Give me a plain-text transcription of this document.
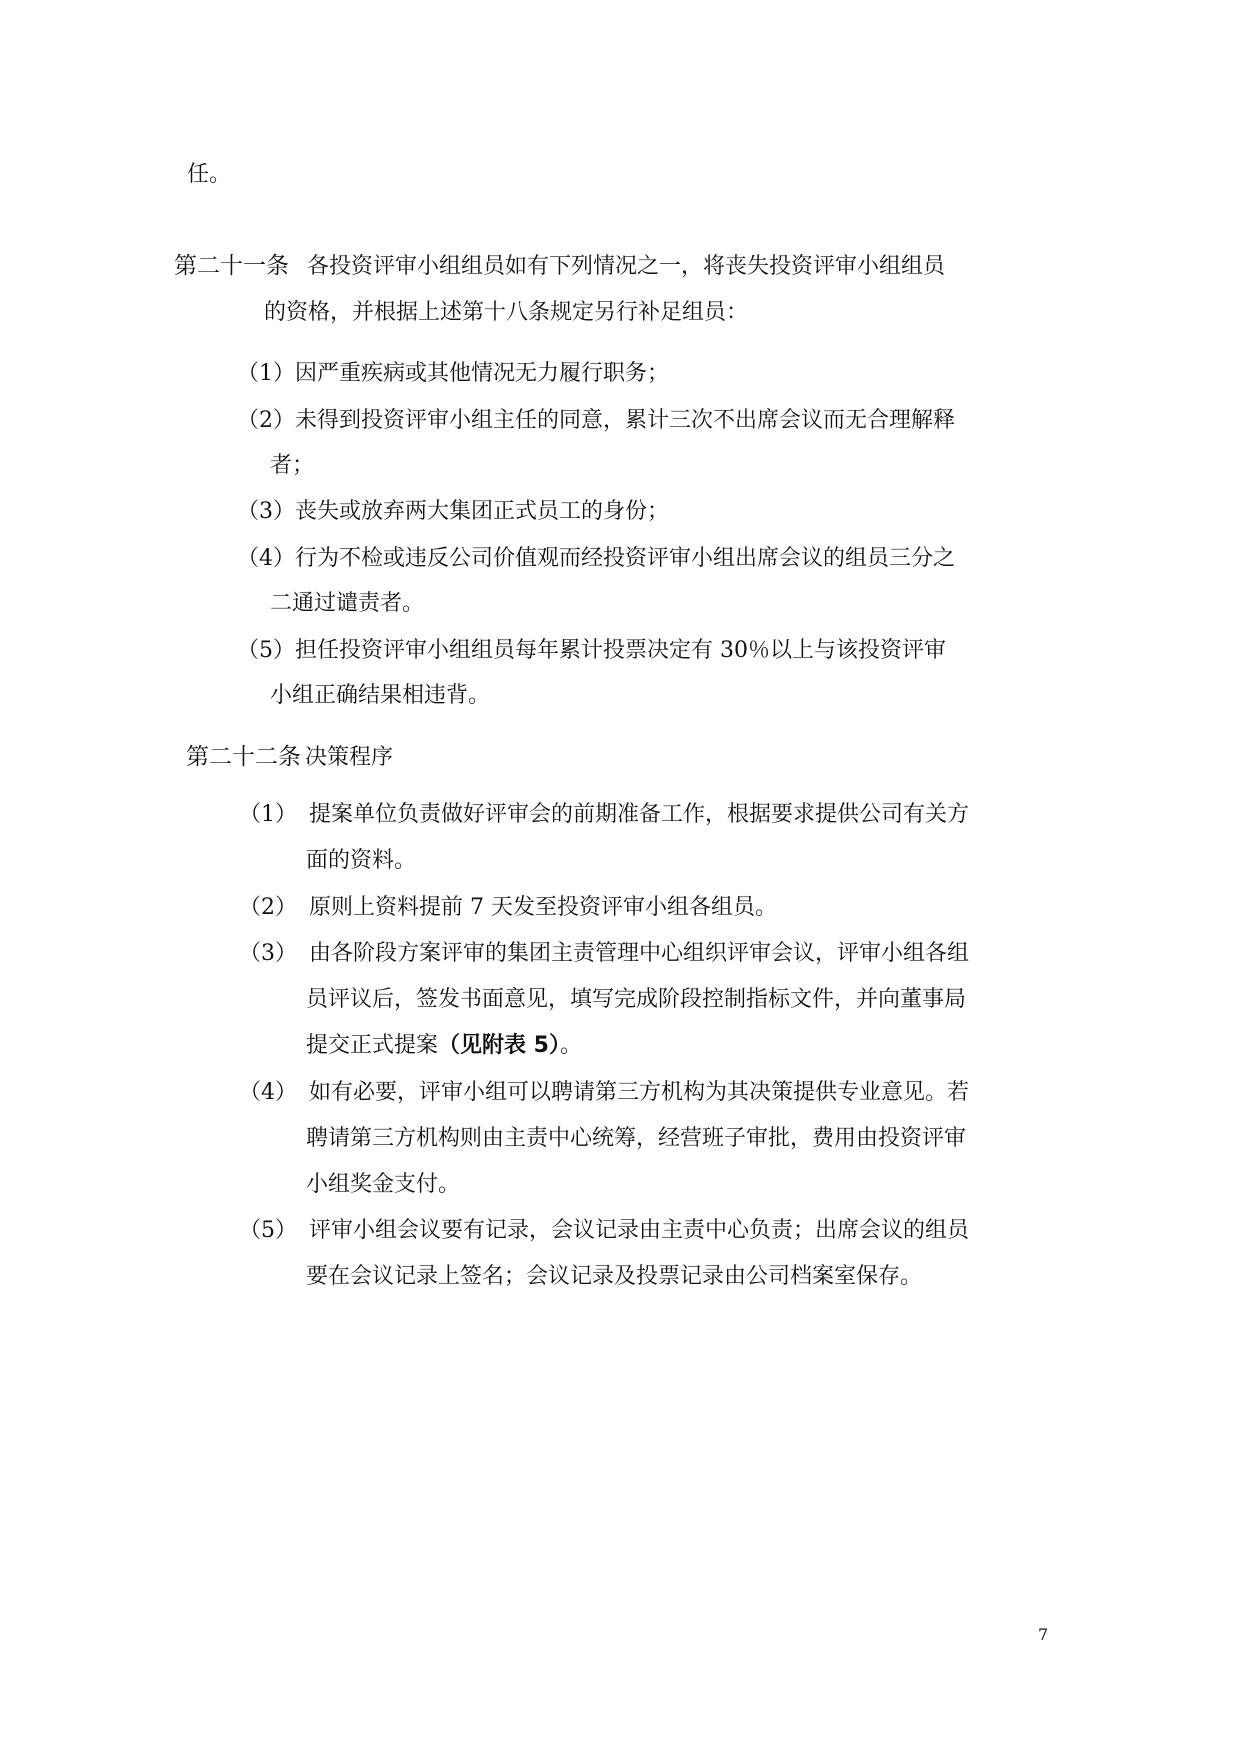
任。
第二十一条 各投资评审小组组员如有下列情况之一，将丧失投资评审小组组员
的资格，并根据上述第十八条规定另行补足组员：
（1）因严重疾病或其他情况无力履行职务；
（2）未得到投资评审小组主任的同意，累计三次不出席会议而无合理解释
者；
（3）丧失或放弃两大集团正式员工的身份；
（4）行为不检或违反公司价值观而经投资评审小组出席会议的组员三分之
二通过谴责者。
（5）担任投资评审小组组员每年累计投票决定有 30％以上与该投资评审
小组正确结果相违背。
第二十二条 决策程序
（1） 提案单位负责做好评审会的前期准备工作，根据要求提供公司有关方
面的资料。
（2） 原则上资料提前 7 天发至投资评审小组各组员。
（3） 由各阶段方案评审的集团主责管理中心组织评审会议，评审小组各组
员评议后，签发书面意见，填写完成阶段控制指标文件，并向董事局
提交正式提案（见附表 5）。
（4） 如有必要，评审小组可以聘请第三方机构为其决策提供专业意见。若
聘请第三方机构则由主责中心统筹，经营班子审批，费用由投资评审
小组奖金支付。
（5） 评审小组会议要有记录，会议记录由主责中心负责；出席会议的组员
要在会议记录上签名；会议记录及投票记录由公司档案室保存。
7
